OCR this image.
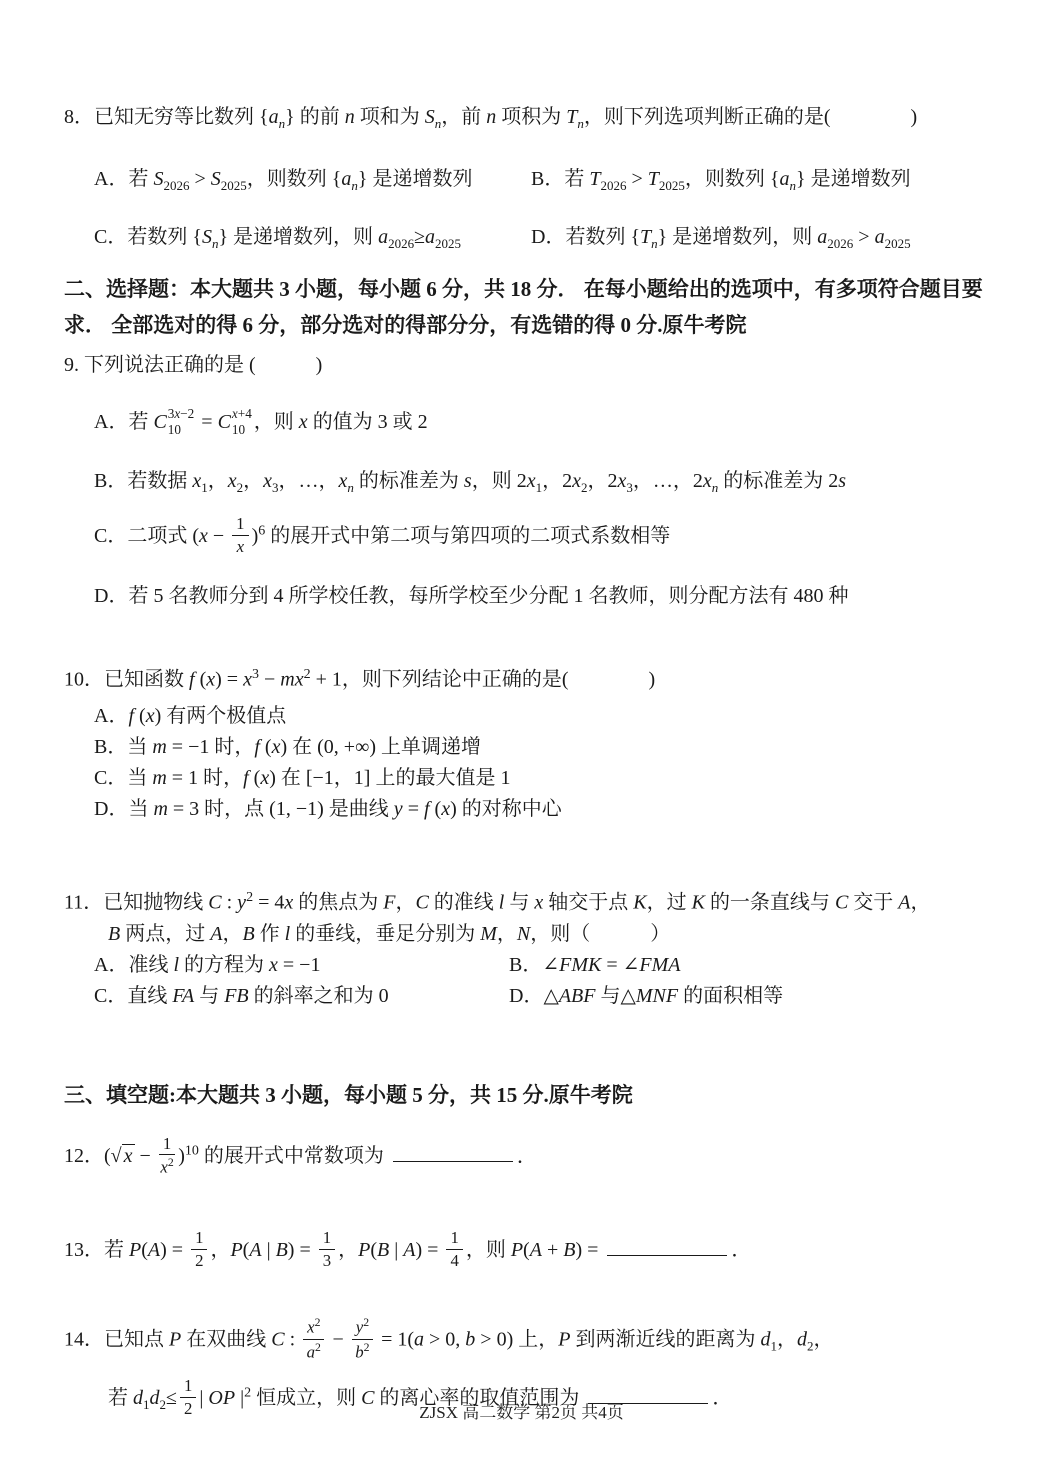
8．已知无穷等比数列 $\{a_n\}$ 的前 n 项和为 $S_n$，前 n 项积为 $T_n$，则下列选项判断正确的是(　　　　)
A．若 $S_{2026} > S_{2025}$，则数列 $\{a_n\}$ 是递增数列	B．若 $T_{2026} > T_{2025}$，则数列 $\{a_n\}$ 是递增数列
C．若数列 $\{S_n\}$ 是递增数列，则 $a_{2026}\ge a_{2025}$	D．若数列 $\{T_n\}$ 是递增数列，则 $a_{2026} > a_{2025}$
二、选择题：本大题共 3 小题，每小题 6 分，共 18 分． 在每小题给出的选项中，有多项符合题目要
求． 全部选对的得 6 分，部分选对的得部分分，有选错的得 0 分.原牛考院
9. 下列说法正确的是 (　　　)
A．若 C 3x−2
10 = C x+4
10 ，则 x 的值为 3 或 2
B．若数据 $x_1$，$x_2$，$x_3$，…，$x_n$ 的标准差为 s，则 $2x_1$，$2x_2$，$2x_3$，…，$2x_n$ 的标准差为 2s
C．二项式 $(x - \frac{1}{x} )^6$ 的展开式中第二项与第四项的二项式系数相等
D．若 5 名教师分到 4 所学校任教，每所学校至少分配 1 名教师，则分配方法有 480 种
10．已知函数 f $(x) = x^3 - mx^2 + 1$，则下列结论中正确的是(　　　　)
A．f (x) 有两个极值点
B．当 m = −1 时，f (x) 在 (0, +∞) 上单调递增
C．当 m = 1 时，f (x) 在 [−1，1] 上的最大值是 1
D．当 m = 3 时，点 (1, −1) 是曲线 y = f (x) 的对称中心
11．已知抛物线 C : $y^2 = 4x$ 的焦点为 F，C 的准线 l 与 x 轴交于点 K，过 K 的一条直线与 C 交于 A，
B 两点，过 A，B 作 l 的垂线，垂足分别为 M，N，则（　　　）
A．准线 l 的方程为 x = −1	B．∠FMK = ∠FMA
C．直线 FA 与 FB 的斜率之和为 0	D．△ABF 与△MNF 的面积相等
三、填空题:本大题共 3 小题，每小题 5 分，共 15 分.原牛考院
12．(√ $x - \frac{1}{x^2} )^{10}$ 的展开式中常数项为	．
13．若 $P(A) = \frac{1}{2}$ ，P(A | $B) = \frac{1}{3}$ ，P(B | $A) = \frac{1}{4}$ ，则 P(A + B) =	．
14．已知点 P 在双曲线 C : $\frac{x^2}{a^2} - \frac{y^2}{b^2} = 1(a > 0$, b > 0) 上，P 到两渐近线的距离为 $d_1$，$d_2$，
若 $d_1d_2\le \frac{1}{2}$ | OP $|^2$ 恒成立，则 C 的离心率的取值范围为	．
ZJSX 高二数学 第2页 共4页
